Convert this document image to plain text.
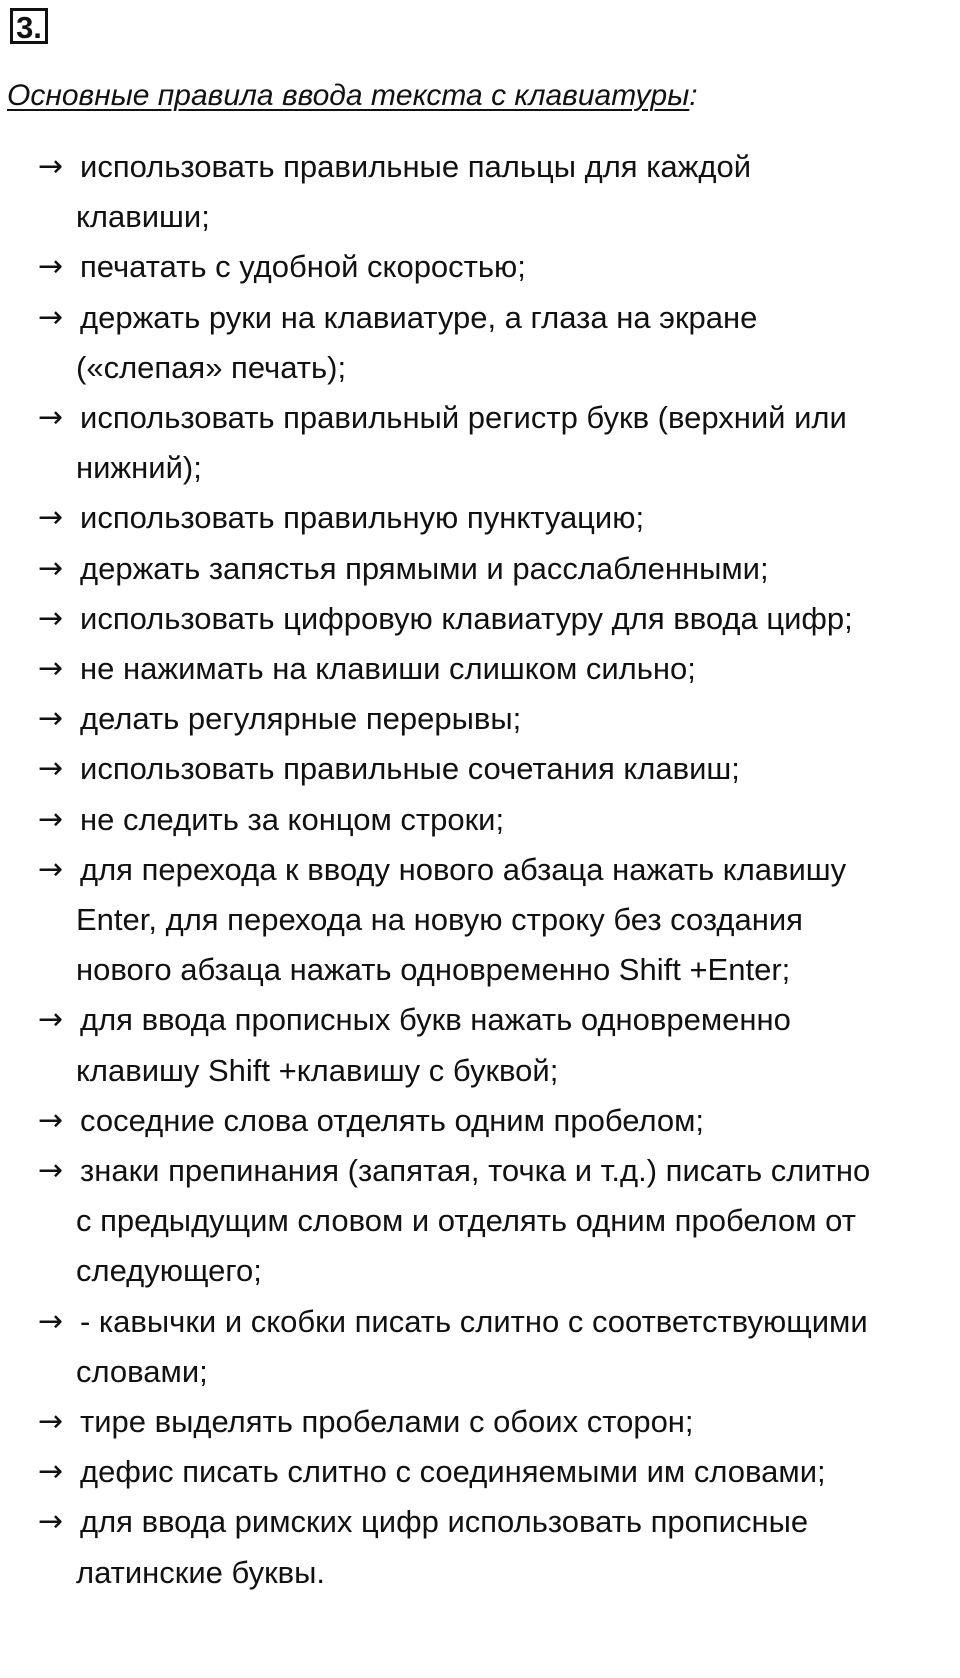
3.
Основные правила ввода текста с клавиатуры:
→ использовать правильные пальцы для каждой
клавиши;
→ печатать с удобной скоростью;
→ держать руки на клавиатуре, а глаза на экране
(«слепая» печать);
→ использовать правильный регистр букв (верхний или
нижний);
→ использовать правильную пунктуацию;
→ держать запястья прямыми и расслабленными;
→ использовать цифровую клавиатуру для ввода цифр;
→ не нажимать на клавиши слишком сильно;
→ делать регулярные перерывы;
→ использовать правильные сочетания клавиш;
→ не следить за концом строки;
→ для перехода к вводу нового абзаца нажать клавишу
Enter, для перехода на новую строку без создания
нового абзаца нажать одновременно Shift +Enter;
→ для ввода прописных букв нажать одновременно
клавишу Shift +клавишу с буквой;
→ соседние слова отделять одним пробелом;
→ знаки препинания (запятая, точка и т.д.) писать слитно
с предыдущим словом и отделять одним пробелом от
следующего;
→ - кавычки и скобки писать слитно с соответствующими
словами;
→ тире выделять пробелами с обоих сторон;
→ дефис писать слитно с соединяемыми им словами;
→ для ввода римских цифр использовать прописные
латинские буквы.
